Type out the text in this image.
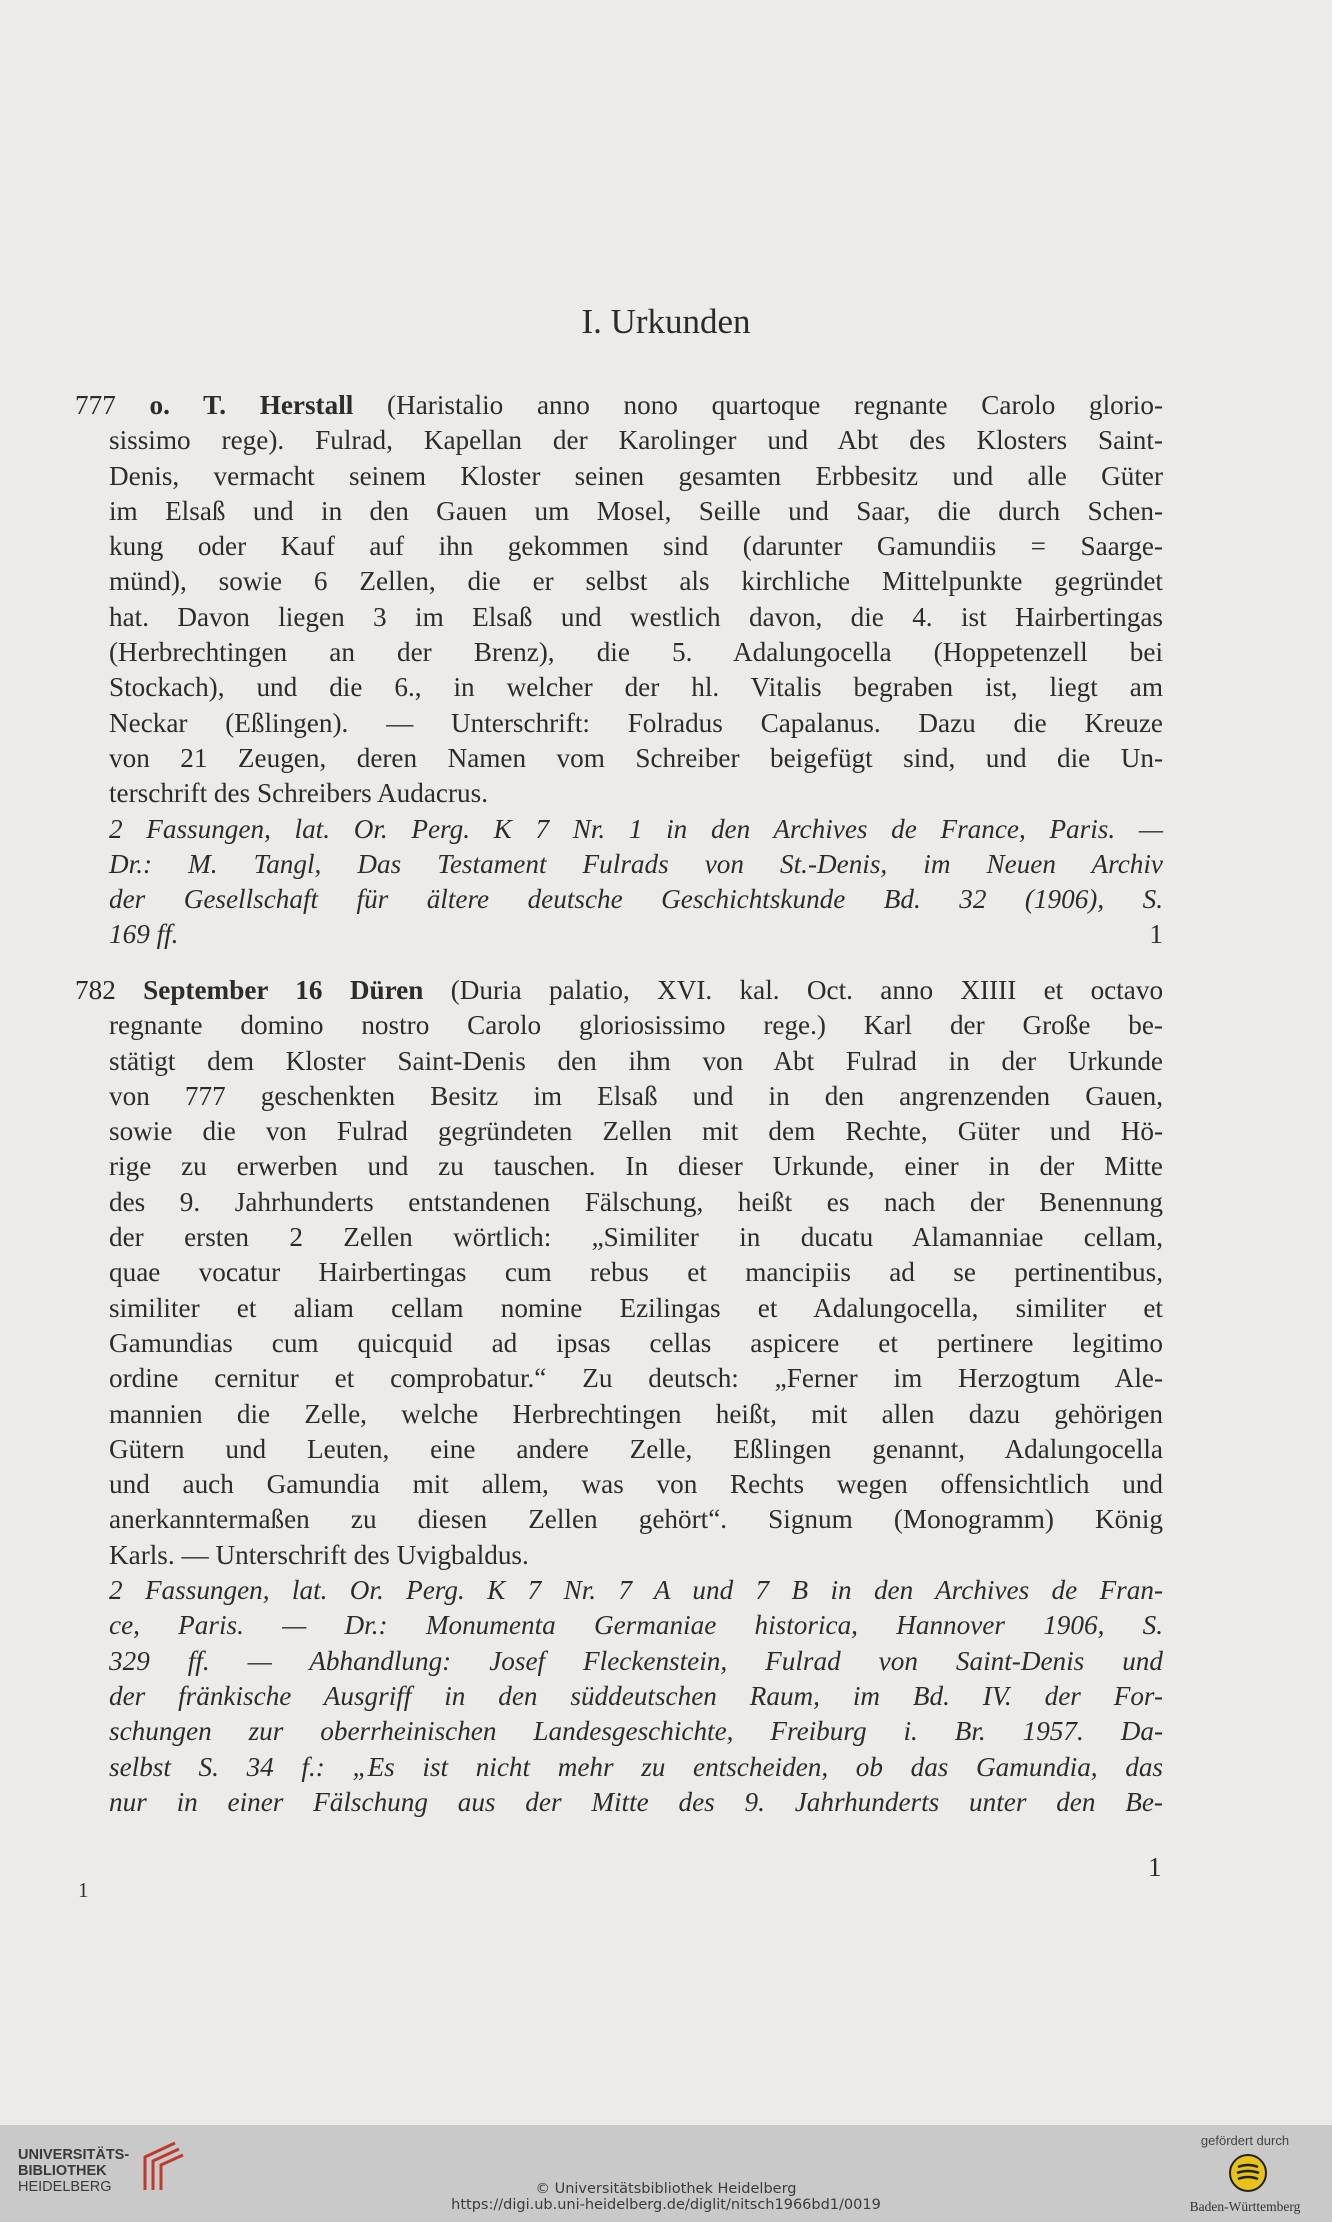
I. Urkunden
777 o. T. Herstall (Haristalio anno nono quartoque regnante Carolo glorio-
sissimo rege). Fulrad, Kapellan der Karolinger und Abt des Klosters Saint-
Denis, vermacht seinem Kloster seinen gesamten Erbbesitz und alle Güter
im Elsaß und in den Gauen um Mosel, Seille und Saar, die durch Schen-
kung oder Kauf auf ihn gekommen sind (darunter Gamundiis = Saarge-
münd), sowie 6 Zellen, die er selbst als kirchliche Mittelpunkte gegründet
hat. Davon liegen 3 im Elsaß und westlich davon, die 4. ist Hairbertingas
(Herbrechtingen an der Brenz), die 5. Adalungocella (Hoppetenzell bei
Stockach), und die 6., in welcher der hl. Vitalis begraben ist, liegt am
Neckar (Eßlingen). — Unterschrift: Folradus Capalanus. Dazu die Kreuze
von 21 Zeugen, deren Namen vom Schreiber beigefügt sind, und die Un-
terschrift des Schreibers Audacrus.
2 Fassungen, lat. Or. Perg. K 7 Nr. 1 in den Archives de France, Paris. —
Dr.: M. Tangl, Das Testament Fulrads von St.-Denis, im Neuen Archiv
der Gesellschaft für ältere deutsche Geschichtskunde Bd. 32 (1906), S.
169 ff.	1
782 September 16 Düren (Duria palatio, XVI. kal. Oct. anno XIIII et octavo
regnante domino nostro Carolo gloriosissimo rege.) Karl der Große be-
stätigt dem Kloster Saint-Denis den ihm von Abt Fulrad in der Urkunde
von 777 geschenkten Besitz im Elsaß und in den angrenzenden Gauen,
sowie die von Fulrad gegründeten Zellen mit dem Rechte, Güter und Hö-
rige zu erwerben und zu tauschen. In dieser Urkunde, einer in der Mitte
des 9. Jahrhunderts entstandenen Fälschung, heißt es nach der Benennung
der ersten 2 Zellen wörtlich: „Similiter in ducatu Alamanniae cellam,
quae vocatur Hairbertingas cum rebus et mancipiis ad se pertinentibus,
similiter et aliam cellam nomine Ezilingas et Adalungocella, similiter et
Gamundias cum quicquid ad ipsas cellas aspicere et pertinere legitimo
ordine cernitur et comprobatur.“ Zu deutsch: „Ferner im Herzogtum Ale-
mannien die Zelle, welche Herbrechtingen heißt, mit allen dazu gehörigen
Gütern und Leuten, eine andere Zelle, Eßlingen genannt, Adalungocella
und auch Gamundia mit allem, was von Rechts wegen offensichtlich und
anerkanntermaßen zu diesen Zellen gehört“. Signum (Monogramm) König
Karls. — Unterschrift des Uvigbaldus.
2 Fassungen, lat. Or. Perg. K 7 Nr. 7 A und 7 B in den Archives de Fran-
ce, Paris. — Dr.: Monumenta Germaniae historica, Hannover 1906, S.
329 ff. — Abhandlung: Josef Fleckenstein, Fulrad von Saint-Denis und
der fränkische Ausgriff in den süddeutschen Raum, im Bd. IV. der For-
schungen zur oberrheinischen Landesgeschichte, Freiburg i. Br. 1957. Da-
selbst S. 34 f.: „Es ist nicht mehr zu entscheiden, ob das Gamundia, das
nur in einer Fälschung aus der Mitte des 9. Jahrhunderts unter den Be-
1
1
UNIVERSITÄTS-
BIBLIOTHEK
HEIDELBERG	© Universitätsbibliothek Heidelberg
https://digi.ub.uni-heidelberg.de/diglit/nitsch1966bd1/0019
gefördert durch
Baden-Württemberg
